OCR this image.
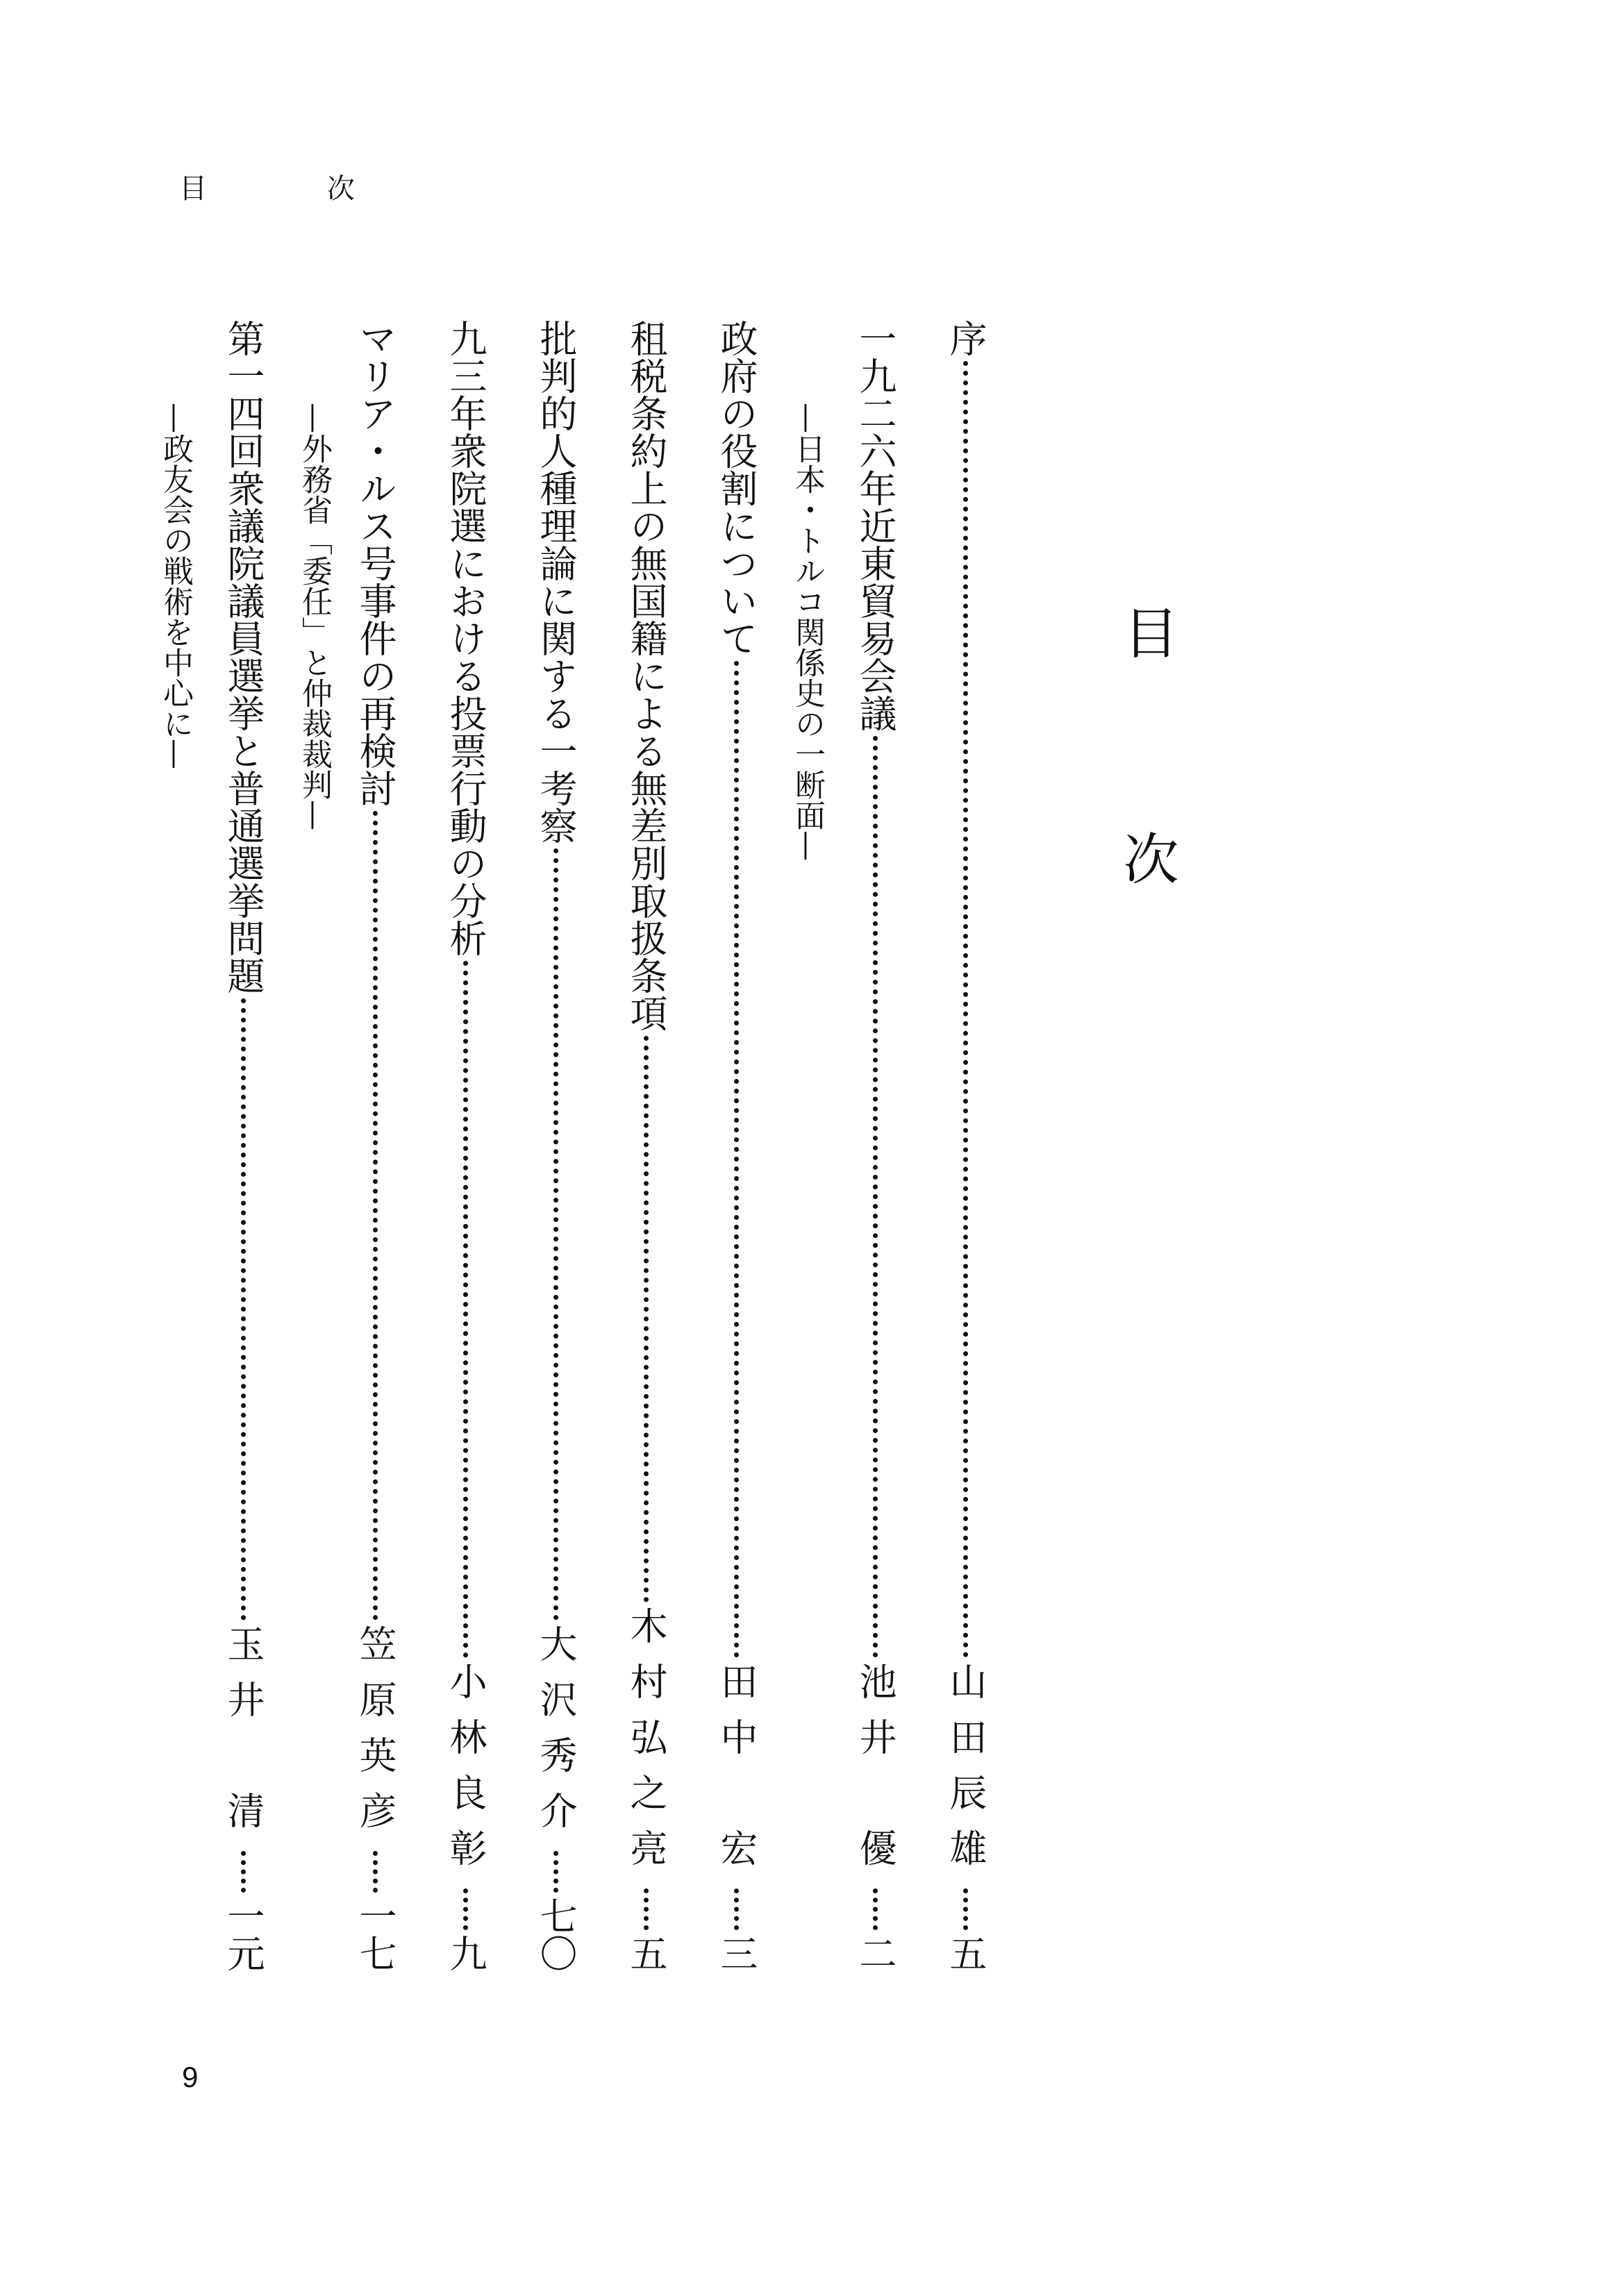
目 次
目 次
序
山田辰雄
五
一九二六年近東貿易会議
池井　優
二
—日本・トルコ関係史の一断面—
政府の役割について
田中　宏
三
租税条約上の無国籍による無差別取扱条項
木村弘之亮
五
批判的人種理論に関する一考察
大沢秀介
七〇
九三年衆院選における投票行動の分析
小林良彰
九
マリア・ルス号事件の再検討
笠原英彦
一七
—外務省「委任」と仲裁裁判—
第一四回衆議院議員選挙と普通選挙問題
玉井　清
一元
—政友会の戦術を中心に—
9
